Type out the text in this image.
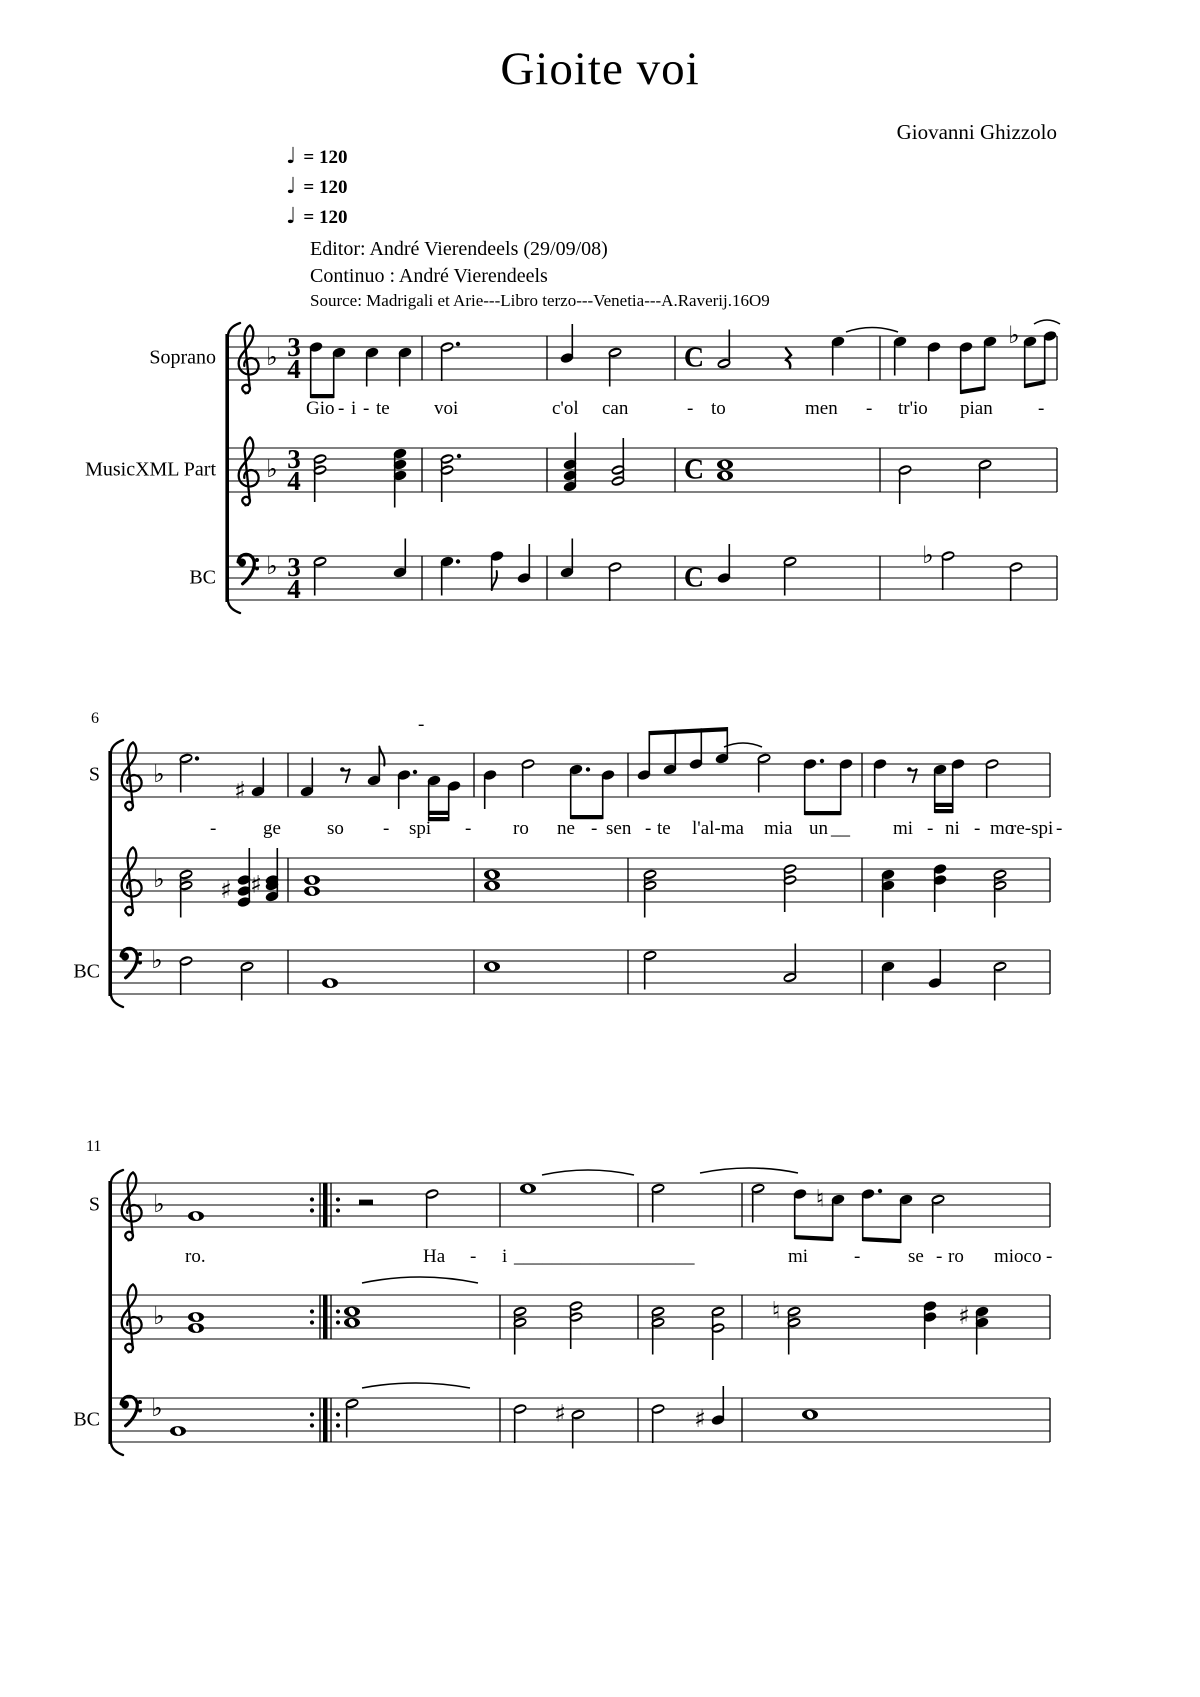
Gioite voi
Giovanni Ghizzolo
♩ = 120
♩ = 120
♩ = 120
Editor: André Vierendeels (29/09/08)
Continuo : André Vierendeels
Source: Madrigali et Arie---Libro terzo---Venetia---A.Raverij.16O9
♭ 3
4	C
♭
♭ 3
4	C
♭ 3
4	C
♭
♭
♯
♭ ♯ ♯
♭
♭	♮
♭	♮	♯
♭	♯	♯
Soprano
MusicXML Part
BC
Gio - i - te voi	c'ol can	- to	men - tr'io pian -
S
BC
6	-
- ge so - spi - ro ne - sen - te l'al-ma mia un __ mi - ni - mo
re-spi -
S
BC
11
ro.	Ha - i ___________________	mi -	se - ro mioco -
